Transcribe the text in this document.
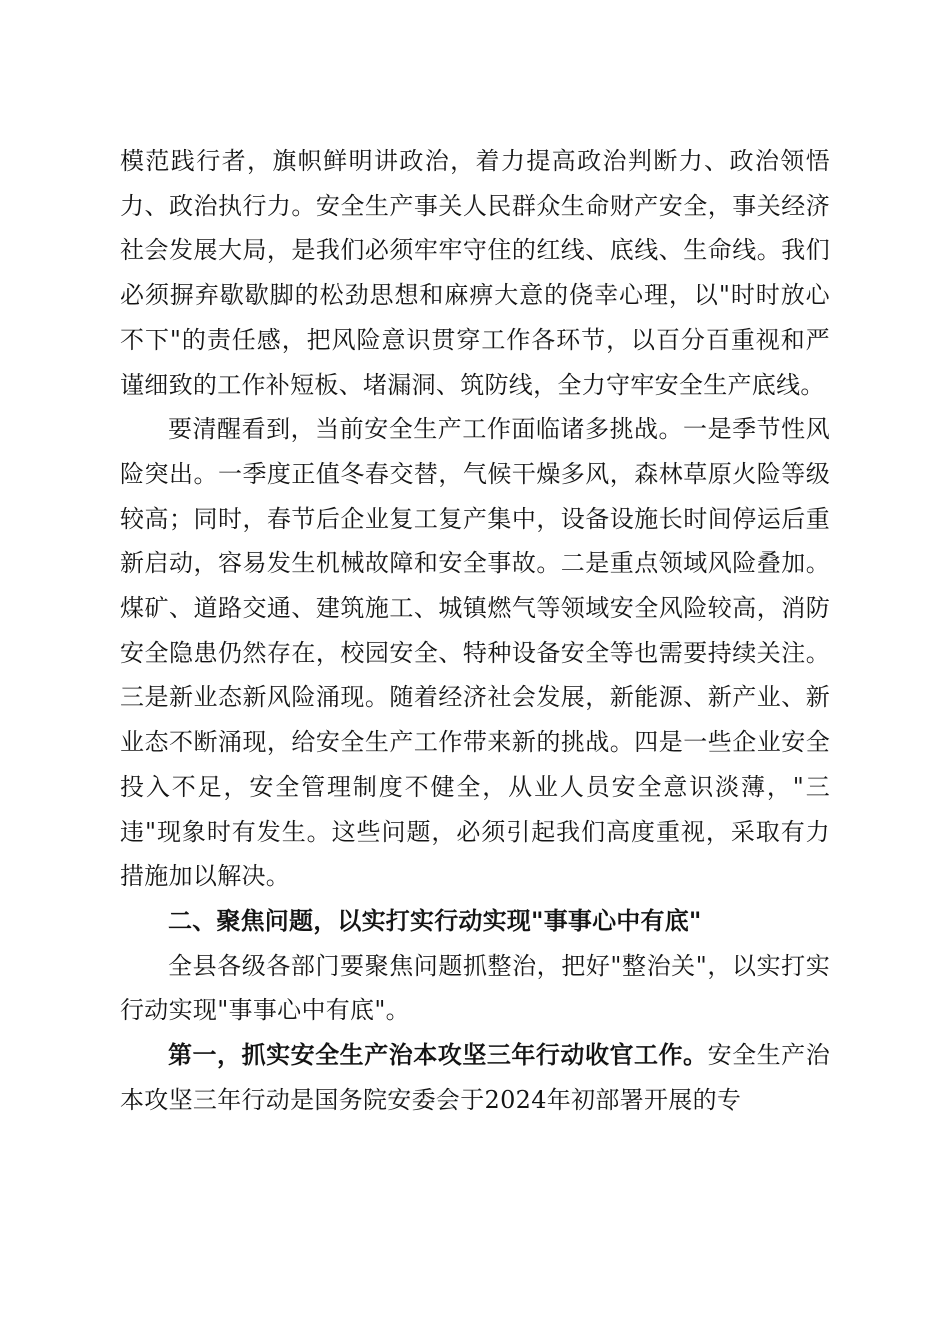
模范践行者，旗帜鲜明讲政治，着力提高政治判断力、政治领悟力、政治执行力。安全生产事关人民群众生命财产安全，事关经济社会发展大局，是我们必须牢牢守住的红线、底线、生命线。我们必须摒弃歇歇脚的松劲思想和麻痹大意的侥幸心理，以"时时放心不下"的责任感，把风险意识贯穿工作各环节，以百分百重视和严谨细致的工作补短板、堵漏洞、筑防线，全力守牢安全生产底线。

要清醒看到，当前安全生产工作面临诸多挑战。一是季节性风险突出。一季度正值冬春交替，气候干燥多风，森林草原火险等级较高；同时，春节后企业复工复产集中，设备设施长时间停运后重新启动，容易发生机械故障和安全事故。二是重点领域风险叠加。煤矿、道路交通、建筑施工、城镇燃气等领域安全风险较高，消防安全隐患仍然存在，校园安全、特种设备安全等也需要持续关注。三是新业态新风险涌现。随着经济社会发展，新能源、新产业、新业态不断涌现，给安全生产工作带来新的挑战。四是一些企业安全投入不足，安全管理制度不健全，从业人员安全意识淡薄，"三违"现象时有发生。这些问题，必须引起我们高度重视，采取有力措施加以解决。

二、聚焦问题，以实打实行动实现"事事心中有底"

全县各级各部门要聚焦问题抓整治，把好"整治关"，以实打实行动实现"事事心中有底"。

第一，抓实安全生产治本攻坚三年行动收官工作。安全生产治本攻坚三年行动是国务院安委会于2024年初部署开展的专
